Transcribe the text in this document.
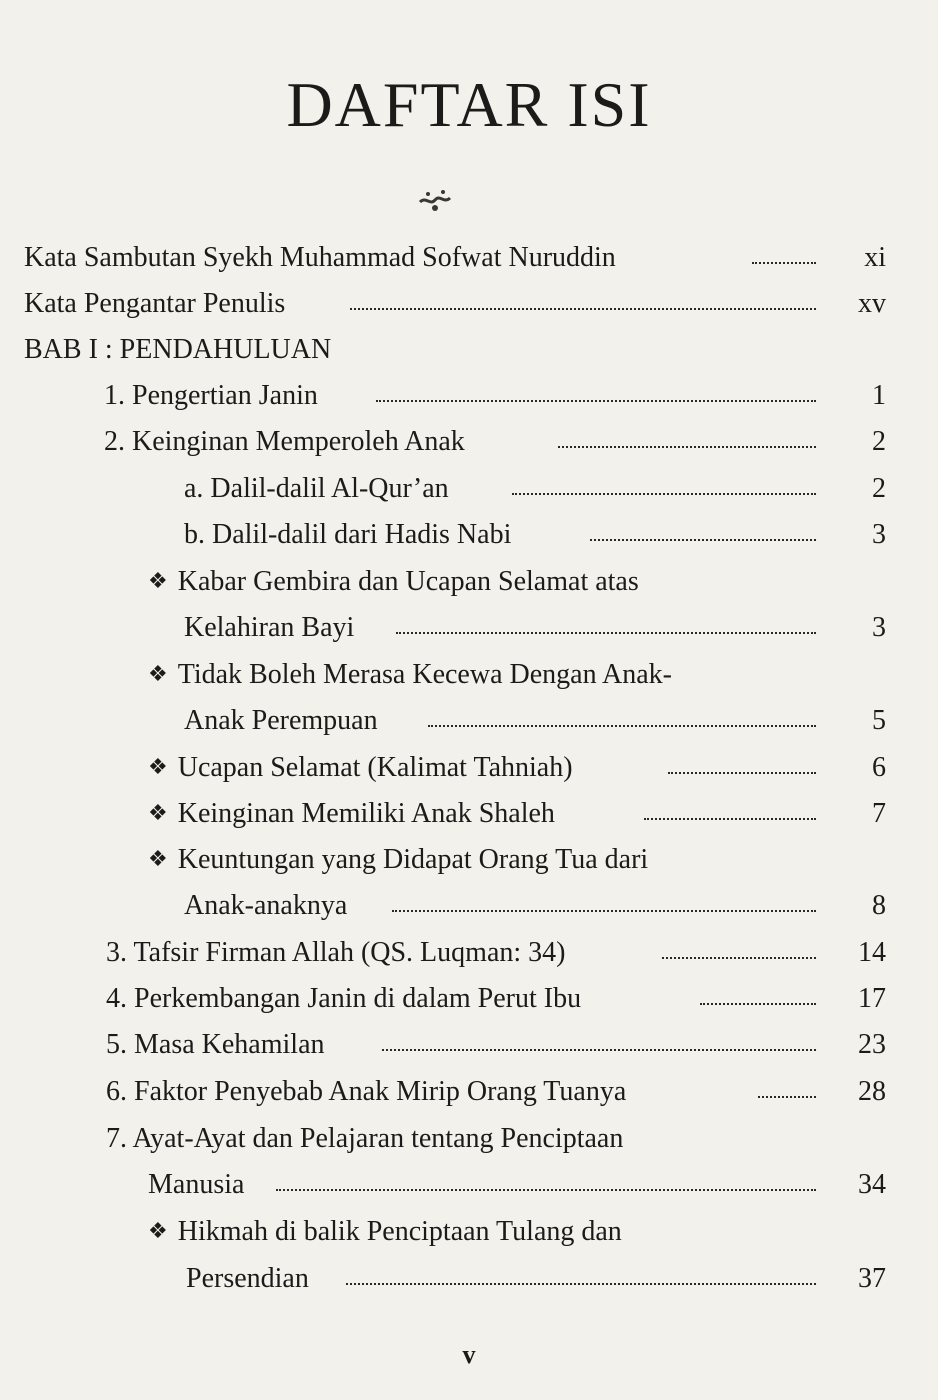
DAFTAR ISI
Kata Sambutan Syekh Muhammad Sofwat Nuruddin	xi
Kata Pengantar Penulis	xv
BAB I : PENDAHULUAN
1. Pengertian Janin	1
2. Keinginan Memperoleh Anak	2
a. Dalil-dalil Al-Qur’an	2
b. Dalil-dalil dari Hadis Nabi	3
❖ Kabar Gembira dan Ucapan Selamat atas
Kelahiran Bayi	3
❖ Tidak Boleh Merasa Kecewa Dengan Anak-
Anak Perempuan	5
❖ Ucapan Selamat (Kalimat Tahniah)	6
❖ Keinginan Memiliki Anak Shaleh	7
❖ Keuntungan yang Didapat Orang Tua dari
Anak-anaknya	8
3. Tafsir Firman Allah (QS. Luqman: 34)	14
4. Perkembangan Janin di dalam Perut Ibu	17
5. Masa Kehamilan	23
6. Faktor Penyebab Anak Mirip Orang Tuanya	28
7. Ayat-Ayat dan Pelajaran tentang Penciptaan
Manusia	34
❖ Hikmah di balik Penciptaan Tulang dan
Persendian	37
v
